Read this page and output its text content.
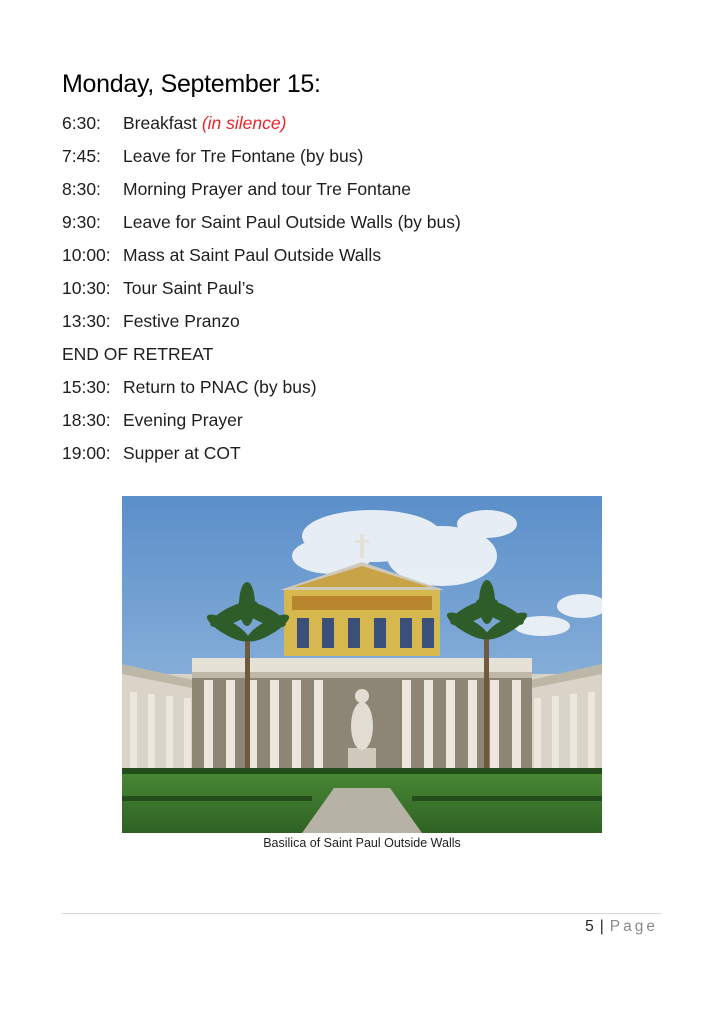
Monday, September 15:
6:30: Breakfast (in silence)
7:45: Leave for Tre Fontane (by bus)
8:30: Morning Prayer and tour Tre Fontane
9:30: Leave for Saint Paul Outside Walls (by bus)
10:00: Mass at Saint Paul Outside Walls
10:30: Tour Saint Paul’s
13:30: Festive Pranzo
END OF RETREAT
15:30: Return to PNAC (by bus)
18:30: Evening Prayer
19:00: Supper at COT
Basilica of Saint Paul Outside Walls
5 | Page
